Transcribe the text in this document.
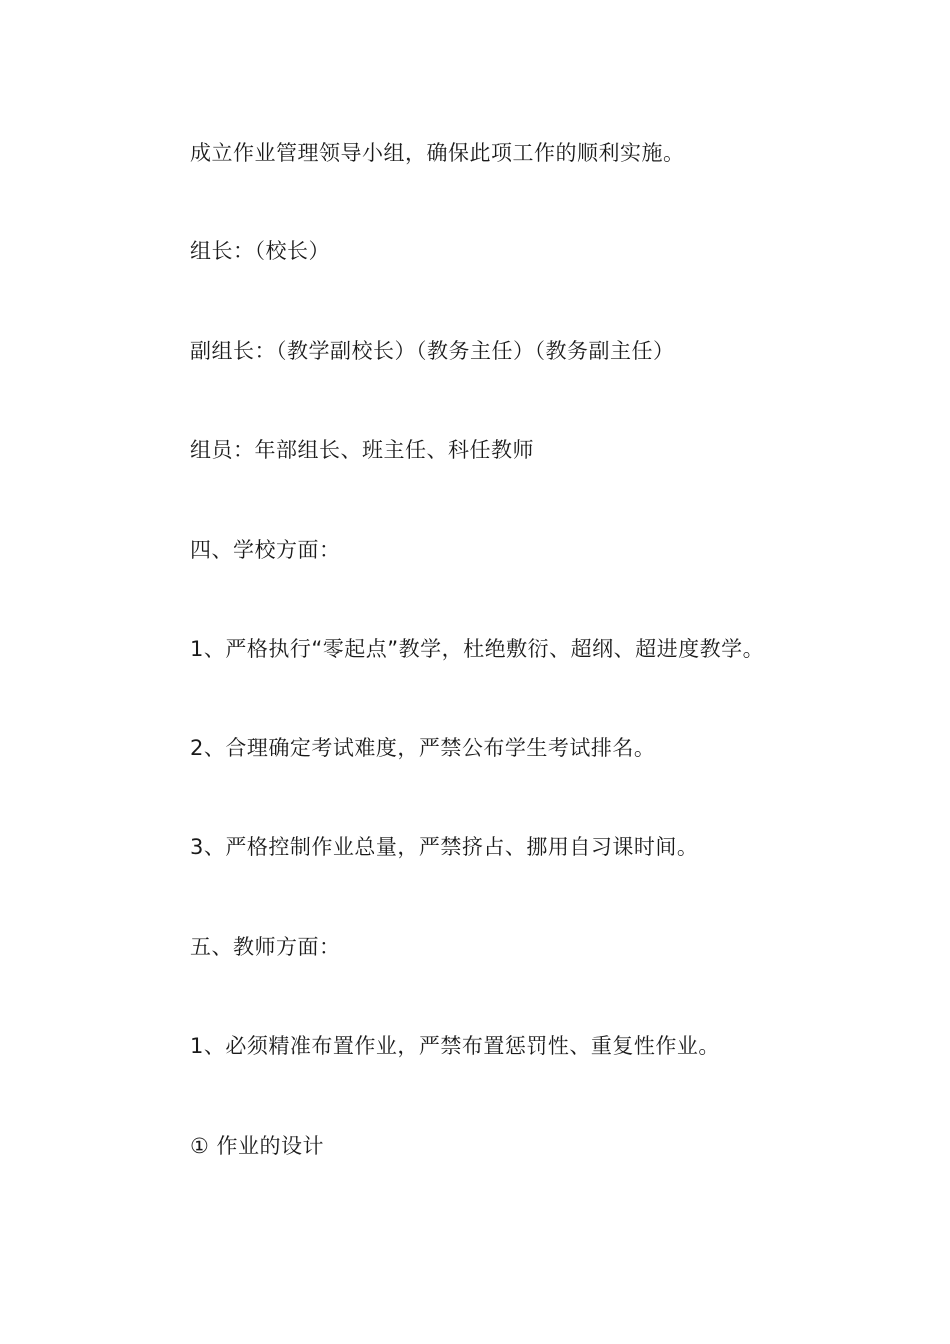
成立作业管理领导小组，确保此项工作的顺利实施。
组长：（校长）
副组长：（教学副校长）（教务主任）（教务副主任）
组员：年部组长、班主任、科任教师
四、学校方面：
1、严格执行“零起点”教学，杜绝敷衍、超纲、超进度教学。
2、合理确定考试难度，严禁公布学生考试排名。
3、严格控制作业总量，严禁挤占、挪用自习课时间。
五、教师方面：
1、必须精准布置作业，严禁布置惩罚性、重复性作业。
① 作业的设计
